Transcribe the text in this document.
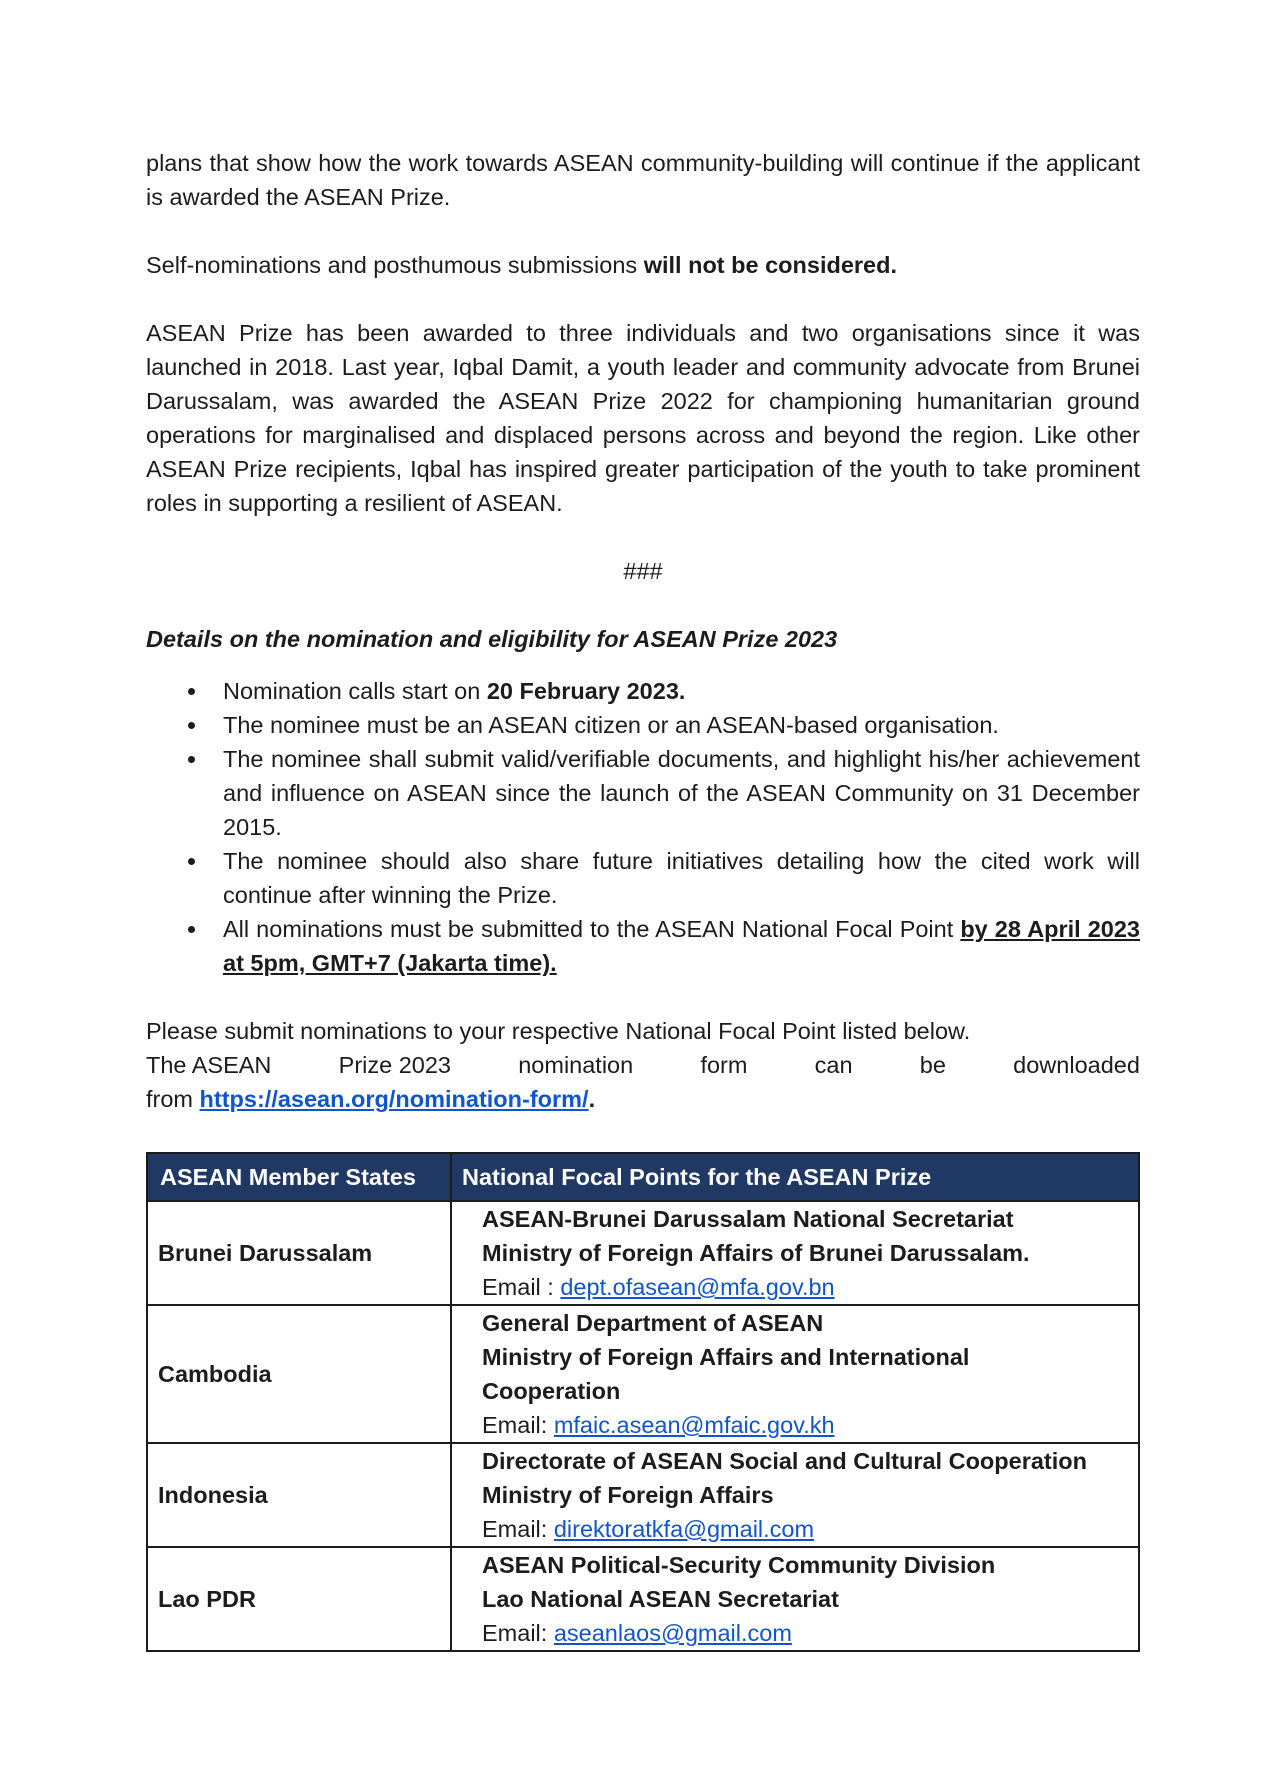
plans that show how the work towards ASEAN community-building will continue if the applicant is awarded the ASEAN Prize.

Self-nominations and posthumous submissions will not be considered.

ASEAN Prize has been awarded to three individuals and two organisations since it was launched in 2018. Last year, Iqbal Damit, a youth leader and community advocate from Brunei Darussalam, was awarded the ASEAN Prize 2022 for championing humanitarian ground operations for marginalised and displaced persons across and beyond the region. Like other ASEAN Prize recipients, Iqbal has inspired greater participation of the youth to take prominent roles in supporting a resilient of ASEAN.

###
Details on the nomination and eligibility for ASEAN Prize 2023
Nomination calls start on 20 February 2023.
The nominee must be an ASEAN citizen or an ASEAN-based organisation.
The nominee shall submit valid/verifiable documents, and highlight his/her achievement and influence on ASEAN since the launch of the ASEAN Community on 31 December 2015.
The nominee should also share future initiatives detailing how the cited work will continue after winning the Prize.
All nominations must be submitted to the ASEAN National Focal Point by 28 April 2023 at 5pm, GMT+7 (Jakarta time).

Please submit nominations to your respective National Focal Point listed below.

The ASEAN	Prize 2023	nomination	form	can	be	downloaded

from https://asean.org/nomination-form/.

ASEAN Member States	National Focal Points for the ASEAN Prize
Brunei Darussalam	ASEAN-Brunei Darussalam National Secretariat
Ministry of Foreign Affairs of Brunei Darussalam.
Email : dept.ofasean@mfa.gov.bn

Cambodia	General Department of ASEAN
Ministry of Foreign Affairs and International
Cooperation
Email: mfaic.asean@mfaic.gov.kh

Indonesia	Directorate of ASEAN Social and Cultural Cooperation
Ministry of Foreign Affairs
Email: direktoratkfa@gmail.com

Lao PDR	ASEAN Political-Security Community Division
Lao National ASEAN Secretariat
Email: aseanlaos@gmail.com
